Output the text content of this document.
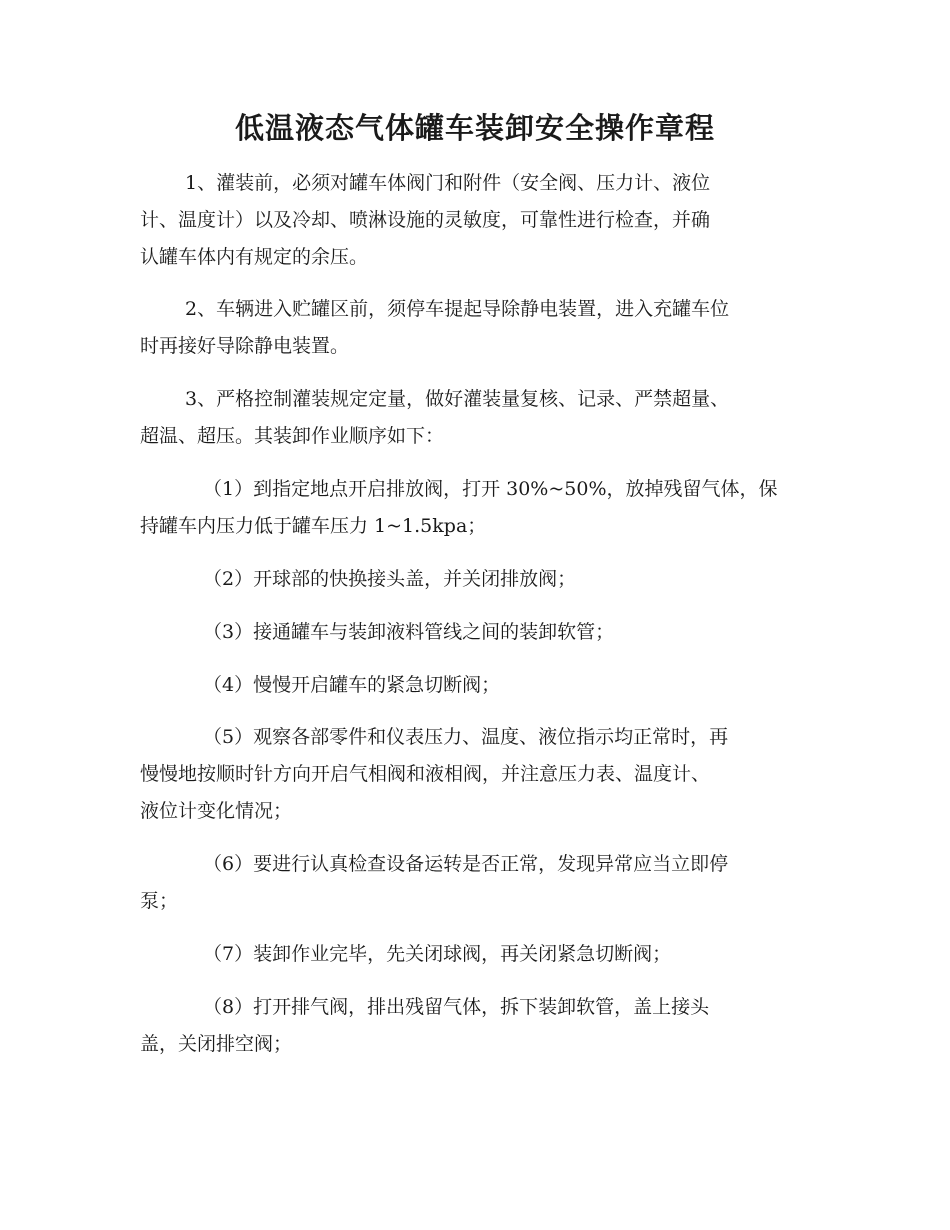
低温液态气体罐车装卸安全操作章程

1、灌装前，必须对罐车体阀门和附件（安全阀、压力计、液位

计、温度计）以及冷却、喷淋设施的灵敏度，可靠性进行检查，并确

认罐车体内有规定的余压。

2、车辆进入贮罐区前，须停车提起导除静电装置，进入充罐车位

时再接好导除静电装置。

3、严格控制灌装规定定量，做好灌装量复核、记录、严禁超量、

超温、超压。其装卸作业顺序如下：

（1）到指定地点开启排放阀，打开 30%~50%，放掉残留气体，保

持罐车内压力低于罐车压力 1~1.5kpa；

（2）开球部的快换接头盖，并关闭排放阀；

（3）接通罐车与装卸液料管线之间的装卸软管；

（4）慢慢开启罐车的紧急切断阀；

（5）观察各部零件和仪表压力、温度、液位指示均正常时，再

慢慢地按顺时针方向开启气相阀和液相阀，并注意压力表、温度计、

液位计变化情况；

（6）要进行认真检查设备运转是否正常，发现异常应当立即停

泵；

（7）装卸作业完毕，先关闭球阀，再关闭紧急切断阀；

（8）打开排气阀，排出残留气体，拆下装卸软管，盖上接头

盖，关闭排空阀；
